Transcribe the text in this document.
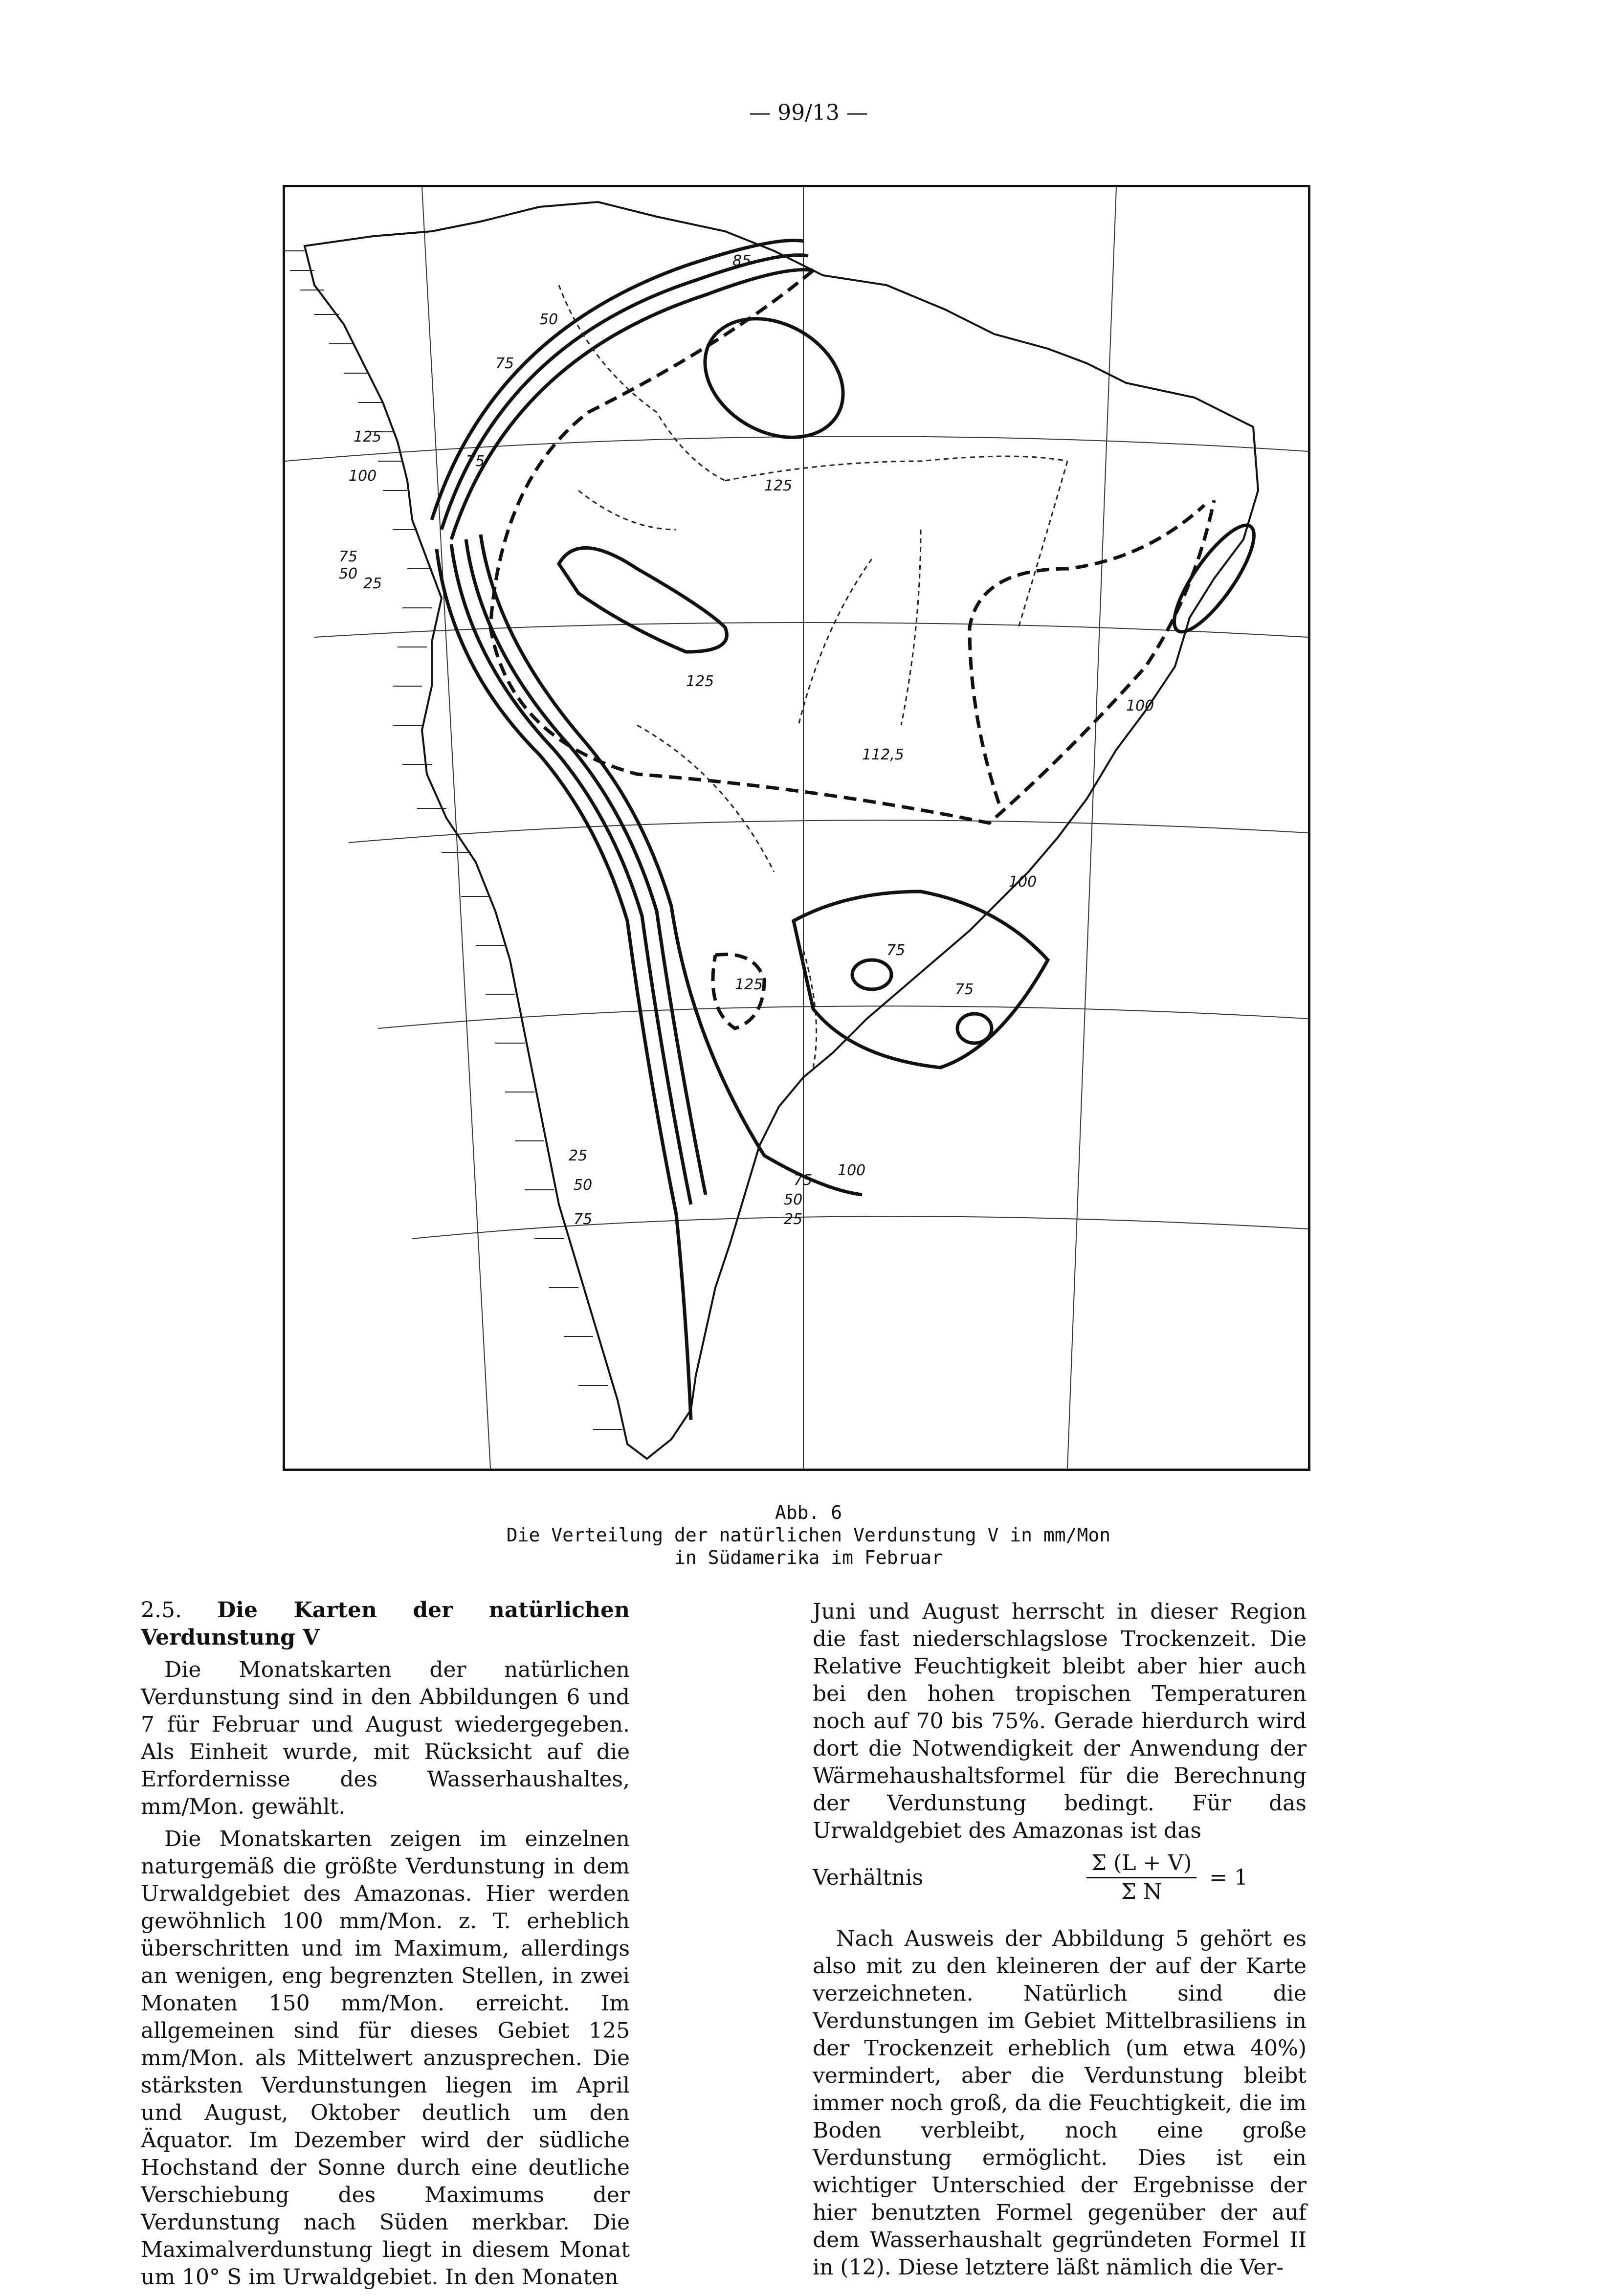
— 99/13 —
85
50
75
125
100
75
125
75
50
25
125
112,5
100
100
75
75
125
75
100
50
25
25
50
75
Abb. 6
Die Verteilung der natürlichen Verdunstung V in mm/Mon
in Südamerika im Februar

2.5. Die Karten der natürlichen Verdunstung V

Die Monatskarten der natürlichen Verdunstung sind in den Abbildungen 6 und 7 für Februar und August wiedergegeben. Als Einheit wurde, mit Rücksicht auf die Erfordernisse des Wasserhaushaltes, mm/Mon. gewählt.

Die Monatskarten zeigen im einzelnen naturgemäß die größte Verdunstung in dem Urwaldgebiet des Amazonas. Hier werden gewöhnlich 100 mm/Mon. z. T. erheblich überschritten und im Maximum, allerdings an wenigen, eng begrenzten Stellen, in zwei Monaten 150 mm/Mon. erreicht. Im allgemeinen sind für dieses Gebiet 125 mm/Mon. als Mittelwert anzusprechen. Die stärksten Verdunstungen liegen im April und August, Oktober deutlich um den Äquator. Im Dezember wird der südliche Hochstand der Sonne durch eine deutliche Verschiebung des Maximums der Verdunstung nach Süden merkbar. Die Maximalverdunstung liegt in diesem Monat um 10° S im Urwaldgebiet. In den Monaten

Juni und August herrscht in dieser Region die fast niederschlagslose Trockenzeit. Die Relative Feuchtigkeit bleibt aber hier auch bei den hohen tropischen Temperaturen noch auf 70 bis 75%. Gerade hierdurch wird dort die Notwendigkeit der Anwendung der Wärmehaushaltsformel für die Berechnung der Verdunstung bedingt. Für das Urwaldgebiet des Amazonas ist das

Verhältnis	$\frac{\Sigma (L + V)}{\text{Σ N}} = 1$

Nach Ausweis der Abbildung 5 gehört es also mit zu den kleineren der auf der Karte verzeichneten. Natürlich sind die Verdunstungen im Gebiet Mittelbrasiliens in der Trockenzeit erheblich (um etwa 40%) vermindert, aber die Verdunstung bleibt immer noch groß, da die Feuchtigkeit, die im Boden verbleibt, noch eine große Verdunstung ermöglicht. Dies ist ein wichtiger Unterschied der Ergebnisse der hier benutzten Formel gegenüber der auf dem Wasserhaushalt gegründeten Formel II in (12). Diese letztere läßt nämlich die Ver-
